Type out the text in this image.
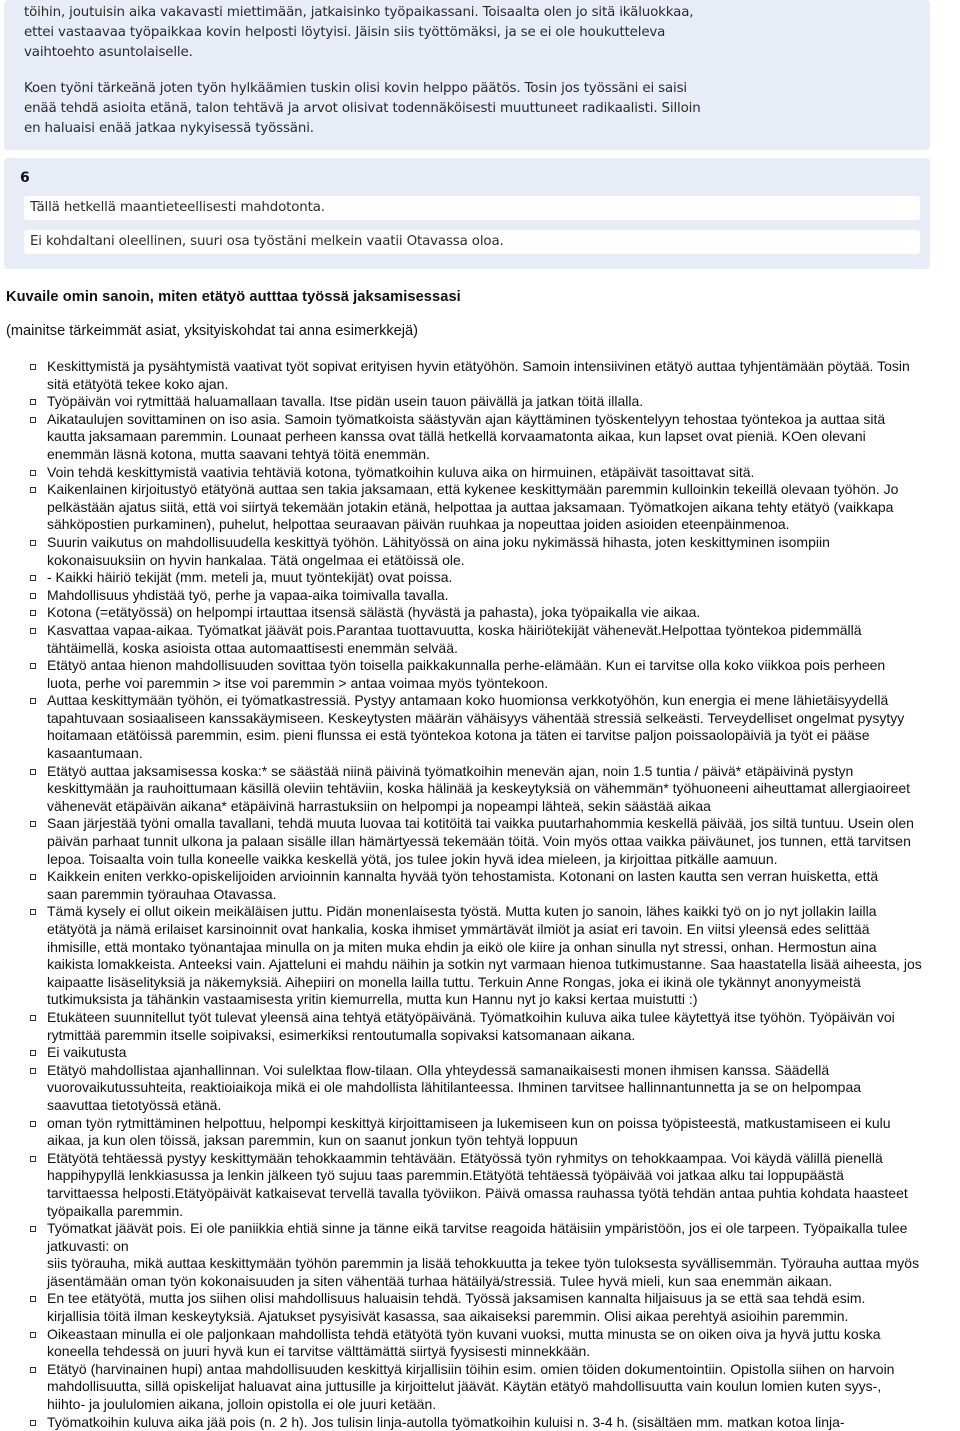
töihin, joutuisin aika vakavasti miettimään, jatkaisinko työpaikassani. Toisaalta olen jo sitä ikäluokkaa,
ettei vastaavaa työpaikkaa kovin helposti löytyisi. Jäisin siis työttömäksi, ja se ei ole houkutteleva
vaihtoehto asuntolaiselle.
Koen työni tärkeänä joten työn hylkäämien tuskin olisi kovin helppo päätös. Tosin jos työssäni ei saisi
enää tehdä asioita etänä, talon tehtävä ja arvot olisivat todennäköisesti muuttuneet radikaalisti. Silloin
en haluaisi enää jatkaa nykyisessä työssäni.
6
Tällä hetkellä maantieteellisesti mahdotonta.
Ei kohdaltani oleellinen, suuri osa työstäni melkein vaatii Otavassa oloa.
Kuvaile omin sanoin, miten etätyö autttaa työssä jaksamisessasi
(mainitse tärkeimmät asiat, yksityiskohdat tai anna esimerkkejä)
Keskittymistä ja pysähtymistä vaativat työt sopivat erityisen hyvin etätyöhön. Samoin intensiivinen etätyö auttaa tyhjentämään pöytää. Tosin
sitä etätyötä tekee koko ajan.
Työpäivän voi rytmittää haluamallaan tavalla. Itse pidän usein tauon päivällä ja jatkan töitä illalla.
Aikataulujen sovittaminen on iso asia. Samoin työmatkoista säästyvän ajan käyttäminen työskentelyyn tehostaa työntekoa ja auttaa sitä
kautta jaksamaan paremmin. Lounaat perheen kanssa ovat tällä hetkellä korvaamatonta aikaa, kun lapset ovat pieniä. KOen olevani
enemmän läsnä kotona, mutta saavani tehtyä töitä enemmän.
Voin tehdä keskittymistä vaativia tehtäviä kotona, työmatkoihin kuluva aika on hirmuinen, etäpäivät tasoittavat sitä.
Kaikenlainen kirjoitustyö etätyönä auttaa sen takia jaksamaan, että kykenee keskittymään paremmin kulloinkin tekeillä olevaan työhön. Jo
pelkästään ajatus siitä, että voi siirtyä tekemään jotakin etänä, helpottaa ja auttaa jaksamaan. Työmatkojen aikana tehty etätyö (vaikkapa
sähköpostien purkaminen), puhelut, helpottaa seuraavan päivän ruuhkaa ja nopeuttaa joiden asioiden eteenpäinmenoa.
Suurin vaikutus on mahdollisuudella keskittyä työhön. Lähityössä on aina joku nykimässä hihasta, joten keskittyminen isompiin
kokonaisuuksiin on hyvin hankalaa. Tätä ongelmaa ei etätöissä ole.
- Kaikki häiriö tekijät (mm. meteli ja, muut työntekijät) ovat poissa.
Mahdollisuus yhdistää työ, perhe ja vapaa-aika toimivalla tavalla.
Kotona (=etätyössä) on helpompi irtauttaa itsensä sälästä (hyvästä ja pahasta), joka työpaikalla vie aikaa.
Kasvattaa vapaa-aikaa. Työmatkat jäävät pois.Parantaa tuottavuutta, koska häiriötekijät vähenevät.Helpottaa työntekoa pidemmällä
tähtäimellä, koska asioista ottaa automaattisesti enemmän selvää.
Etätyö antaa hienon mahdollisuuden sovittaa työn toisella paikkakunnalla perhe-elämään. Kun ei tarvitse olla koko viikkoa pois perheen
luota, perhe voi paremmin > itse voi paremmin > antaa voimaa myös työntekoon.
Auttaa keskittymään työhön, ei työmatkastressiä. Pystyy antamaan koko huomionsa verkkotyöhön, kun energia ei mene lähietäisyydellä
tapahtuvaan sosiaaliseen kanssakäymiseen. Keskeytysten määrän vähäisyys vähentää stressiä selkeästi. Terveydelliset ongelmat pysytyy
hoitamaan etätöissä paremmin, esim. pieni flunssa ei estä työntekoa kotona ja täten ei tarvitse paljon poissaolopäiviä ja työt ei pääse
kasaantumaan.
Etätyö auttaa jaksamisessa koska:* se säästää niinä päivinä työmatkoihin menevän ajan, noin 1.5 tuntia / päivä* etäpäivinä pystyn
keskittymään ja rauhoittumaan käsillä oleviin tehtäviin, koska hälinää ja keskeytyksiä on vähemmän* työhuoneeni aiheuttamat allergiaoireet
vähenevät etäpäivän aikana* etäpäivinä harrastuksiin on helpompi ja nopeampi lähteä, sekin säästää aikaa
Saan järjestää työni omalla tavallani, tehdä muuta luovaa tai kotitöitä tai vaikka puutarhahommia keskellä päivää, jos siltä tuntuu. Usein olen
päivän parhaat tunnit ulkona ja palaan sisälle illan hämärtyessä tekemään töitä. Voin myös ottaa vaikka päiväunet, jos tunnen, että tarvitsen
lepoa. Toisaalta voin tulla koneelle vaikka keskellä yötä, jos tulee jokin hyvä idea mieleen, ja kirjoittaa pitkälle aamuun.
Kaikkein eniten verkko-opiskelijoiden arvioinnin kannalta hyvää työn tehostamista. Kotonani on lasten kautta sen verran huisketta, että
saan paremmin työrauhaa Otavassa.
Tämä kysely ei ollut oikein meikäläisen juttu. Pidän monenlaisesta työstä. Mutta kuten jo sanoin, lähes kaikki työ on jo nyt jollakin lailla
etätyötä ja nämä erilaiset karsinoinnit ovat hankalia, koska ihmiset ymmärtävät ilmiöt ja asiat eri tavoin. En viitsi yleensä edes selittää
ihmisille, että montako työnantajaa minulla on ja miten muka ehdin ja eikö ole kiire ja onhan sinulla nyt stressi, onhan. Hermostun aina
kaikista lomakkeista. Anteeksi vain. Ajatteluni ei mahdu näihin ja sotkin nyt varmaan hienoa tutkimustanne. Saa haastatella lisää aiheesta, jos
kaipaatte lisäselityksiä ja näkemyksiä. Aihepiiri on monella lailla tuttu. Terkuin Anne Rongas, joka ei ikinä ole tykännyt anonyymeistä
tutkimuksista ja tähänkin vastaamisesta yritin kiemurrella, mutta kun Hannu nyt jo kaksi kertaa muistutti :)
Etukäteen suunnitellut työt tulevat yleensä aina tehtyä etätyöpäivänä. Työmatkoihin kuluva aika tulee käytettyä itse työhön. Työpäivän voi
rytmittää paremmin itselle soipivaksi, esimerkiksi rentoutumalla sopivaksi katsomanaan aikana.
Ei vaikutusta
Etätyö mahdollistaa ajanhallinnan. Voi sulelktaa flow-tilaan. Olla yhteydessä samanaikaisesti monen ihmisen kanssa. Säädellä
vuorovaikutussuhteita, reaktioiaikoja mikä ei ole mahdollista lähitilanteessa. Ihminen tarvitsee hallinnantunnetta ja se on helpompaa
saavuttaa tietotyössä etänä.
oman työn rytmittäminen helpottuu, helpompi keskittyä kirjoittamiseen ja lukemiseen kun on poissa työpisteestä, matkustamiseen ei kulu
aikaa, ja kun olen töissä, jaksan paremmin, kun on saanut jonkun työn tehtyä loppuun
Etätyötä tehtäessä pystyy keskittymään tehokkaammin tehtävään. Etätyössä työn ryhmitys on tehokkaampaa. Voi käydä välillä pienellä
happihypyllä lenkkiasussa ja lenkin jälkeen työ sujuu taas paremmin.Etätyötä tehtäessä työpäivää voi jatkaa alku tai loppupäästä
tarvittaessa helposti.Etätyöpäivät katkaisevat tervellä tavalla työviikon. Päivä omassa rauhassa työtä tehdän antaa puhtia kohdata haasteet
työpaikalla paremmin.
Työmatkat jäävät pois. Ei ole paniikkia ehtiä sinne ja tänne eikä tarvitse reagoida hätäisiin ympäristöön, jos ei ole tarpeen. Työpaikalla tulee jatkuvasti: on
siis työrauha, mikä auttaa keskittymään työhön paremmin ja lisää tehokkuutta ja tekee työn tuloksesta syvällisemmän. Työrauha auttaa myös
jäsentämään oman työn kokonaisuuden ja siten vähentää turhaa hätäilyä/stressiä. Tulee hyvä mieli, kun saa enemmän aikaan.
En tee etätyötä, mutta jos siihen olisi mahdollisuus haluaisin tehdä. Työssä jaksamisen kannalta hiljaisuus ja se että saa tehdä esim.
kirjallisia töitä ilman keskeytyksiä. Ajatukset pysyisivät kasassa, saa aikaiseksi paremmin. Olisi aikaa perehtyä asioihin paremmin.
Oikeastaan minulla ei ole paljonkaan mahdollista tehdä etätyötä työn kuvani vuoksi, mutta minusta se on oiken oiva ja hyvä juttu koska
koneella tehdessä on juuri hyvä kun ei tarvitse välttämättä siirtyä fyysisesti minnekkään.
Etätyö (harvinainen hupi) antaa mahdollisuuden keskittyä kirjallisiin töihin esim. omien töiden dokumentointiin. Opistolla siihen on harvoin
mahdollisuutta, sillä opiskelijat haluavat aina juttusille ja kirjoittelut jäävät. Käytän etätyö mahdollisuutta vain koulun lomien kuten syys-,
hiihto- ja joululomien aikana, jolloin opistolla ei ole juuri ketään.
Työmatkoihin kuluva aika jää pois (n. 2 h). Jos tulisin linja-autolla työmatkoihin kuluisi n. 3-4 h. (sisältäen mm. matkan kotoa linja-
